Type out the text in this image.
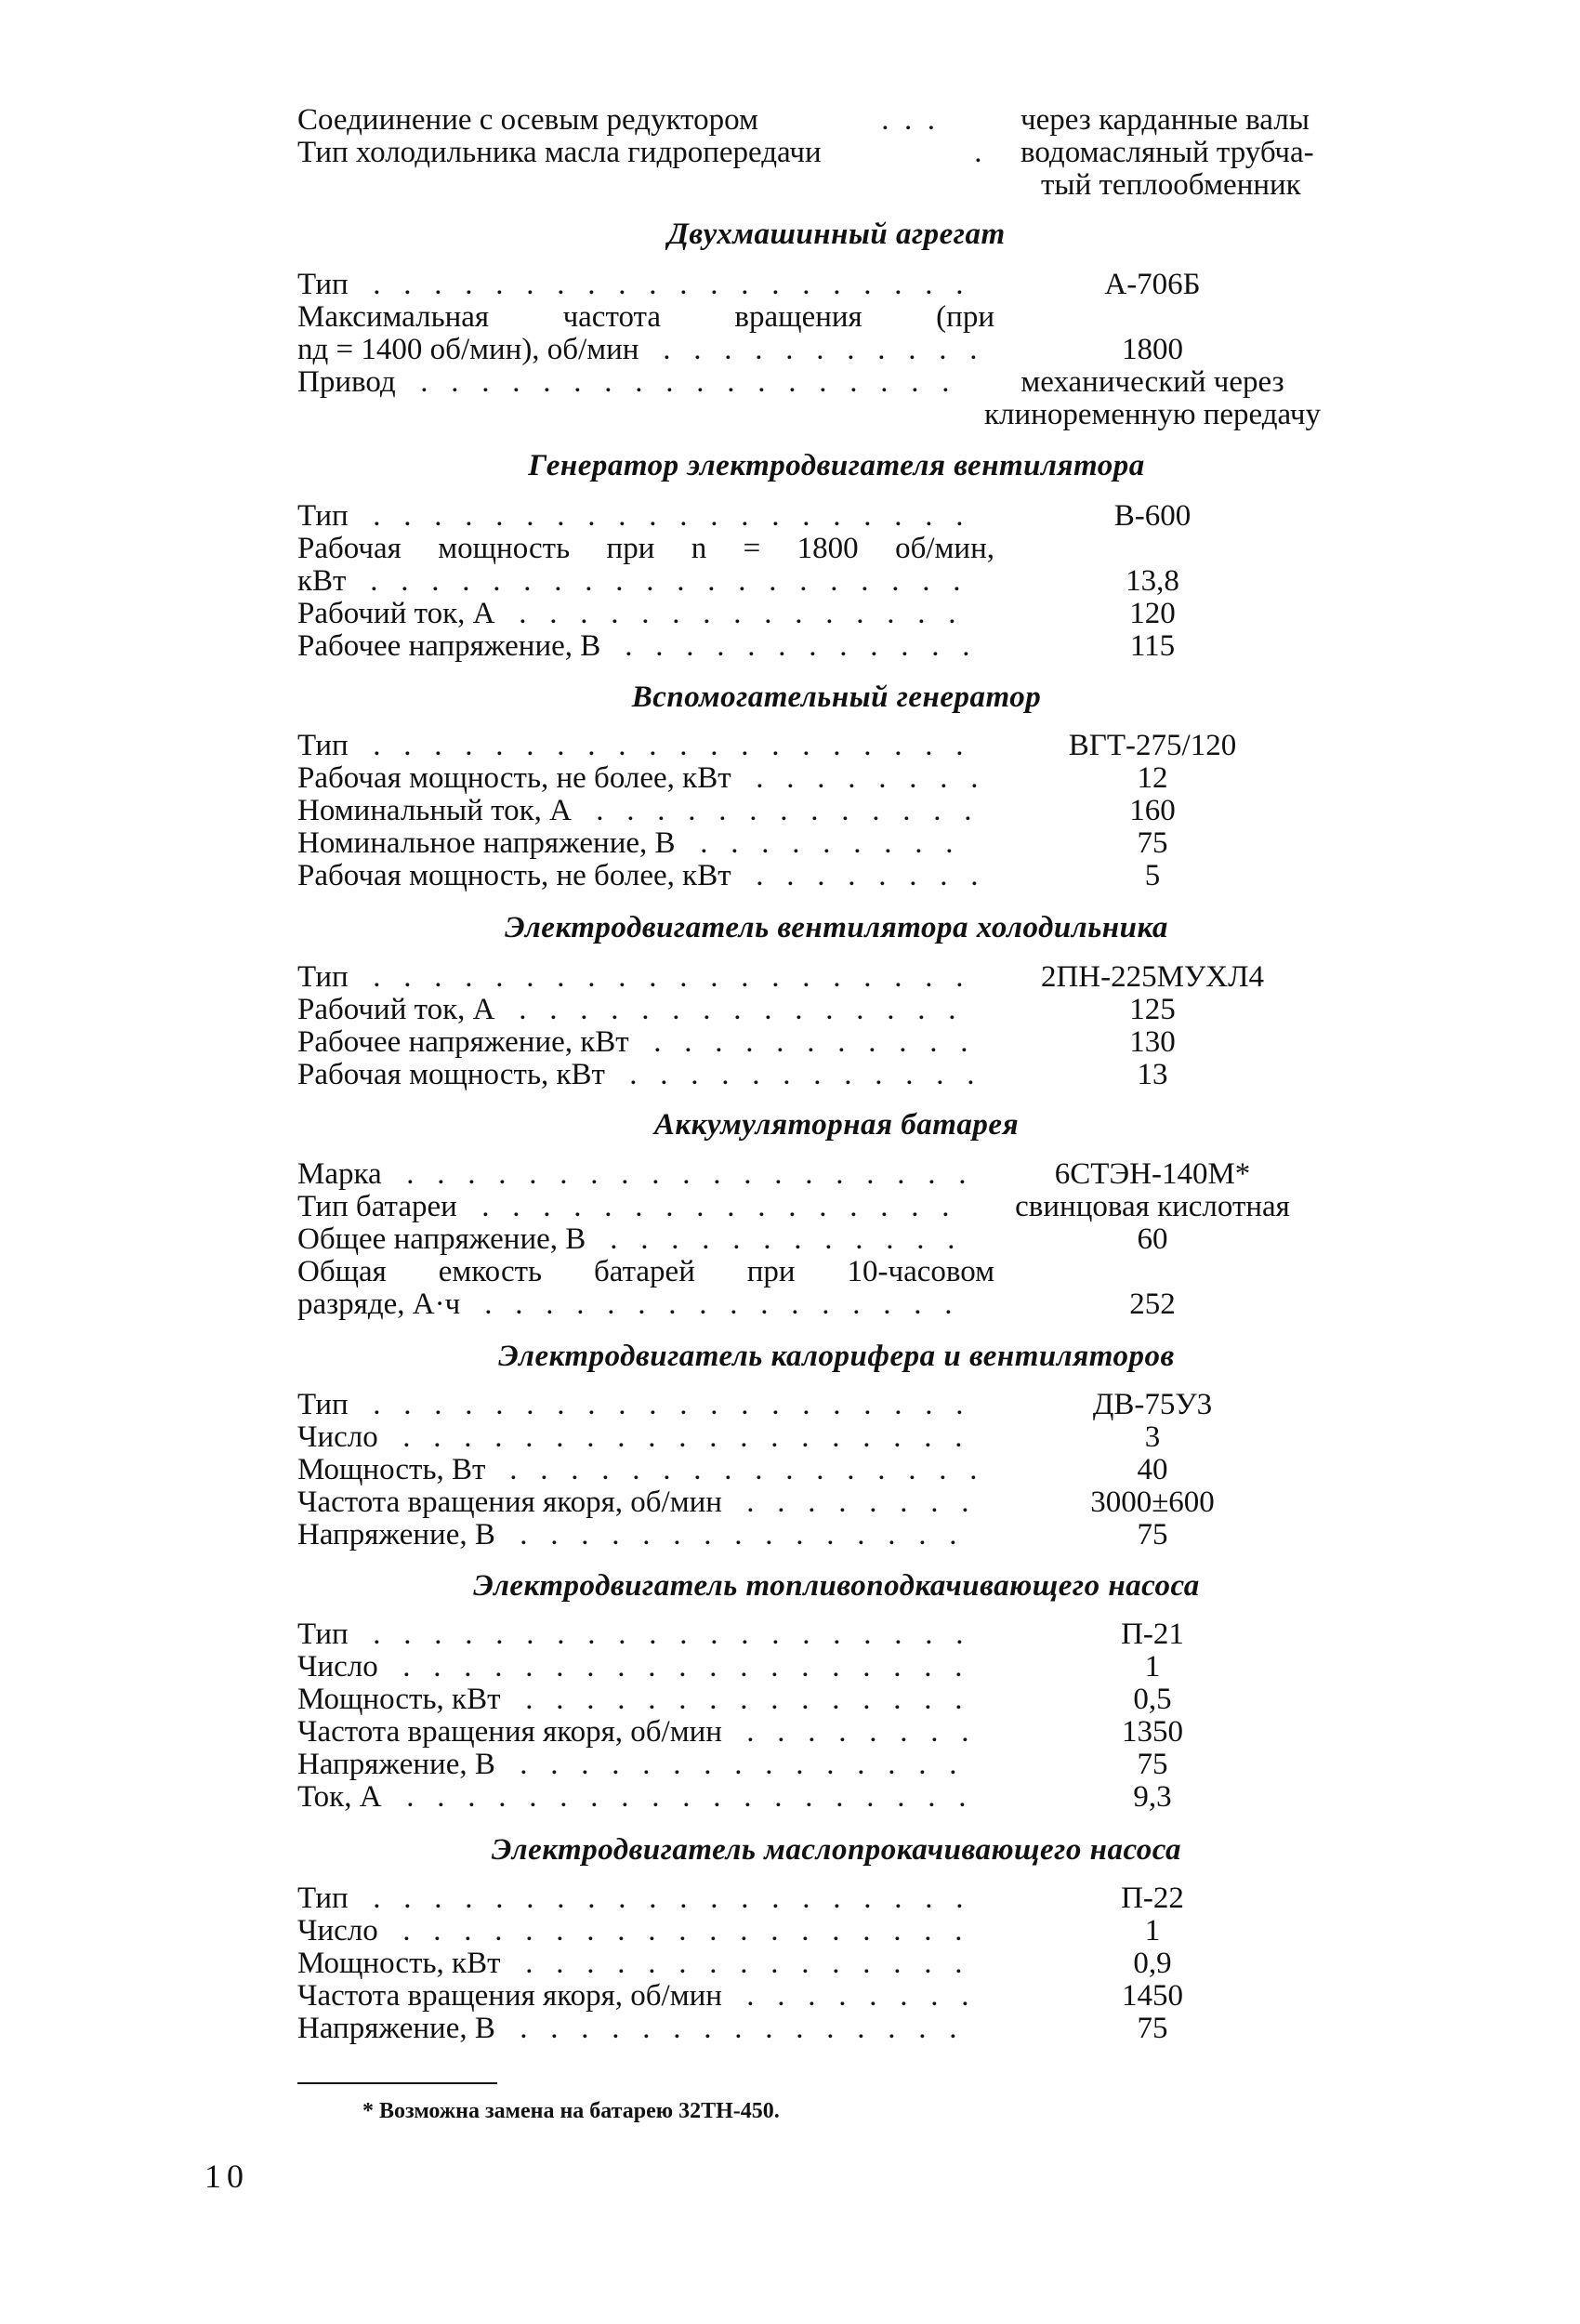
Соедиинение с осевым редуктором	.  .  .	через карданные валы
Тип холодильника масла гидропередачи	. водомасляный трубча-
тый теплообменник
Двухмашинный агрегат
Генератор электродвигателя вентилятора
Вспомогательный генератор
Электродвигатель вентилятора холодильника
Аккумуляторная батарея
Электродвигатель калорифера и вентиляторов
Электродвигатель топливоподкачивающего насоса
Электродвигатель маслопрокачивающего насоса
Тип .   .   .   .   .   .   .   .   .   .   .   .   .   .   .   .   .   .   .   .	А-706Б
Максимальная частота вращения (при
nд = 1400 об/мин), об/мин .   .   .   .   .   .   .   .   .   .   .	1800
Привод .   .   .   .   .   .   .   .   .   .   .   .   .   .   .   .   .   .	механический через
клиноременную передачу
Тип .   .   .   .   .   .   .   .   .   .   .   .   .   .   .   .   .   .   .   .	В-600
Рабочая мощность при n = 1800 об/мин,
кВт .   .   .   .   .   .   .   .   .   .   .   .   .   .   .   .   .   .   .   .	13,8
Рабочий ток, А .   .   .   .   .   .   .   .   .   .   .   .   .   .   .	120
Рабочее напряжение, В .   .   .   .   .   .   .   .   .   .   .   .	115
Тип .   .   .   .   .   .   .   .   .   .   .   .   .   .   .   .   .   .   .   .	ВГТ-275/120
Рабочая мощность, не более, кВт .   .   .   .   .   .   .   .	12
Номинальный ток, А .   .   .   .   .   .   .   .   .   .   .   .   .	160
Номинальное напряжение, В .   .   .   .   .   .   .   .   .	75
Рабочая мощность, не более, кВт .   .   .   .   .   .   .   .	5
Тип .   .   .   .   .   .   .   .   .   .   .   .   .   .   .   .   .   .   .   .	2ПН-225МУХЛ4
Рабочий ток, А .   .   .   .   .   .   .   .   .   .   .   .   .   .   .	125
Рабочее напряжение, кВт .   .   .   .   .   .   .   .   .   .   .	130
Рабочая мощность, кВт .   .   .   .   .   .   .   .   .   .   .   .	13
Марка .   .   .   .   .   .   .   .   .   .   .   .   .   .   .   .   .   .   .	6СТЭН-140М*
Тип батареи .   .   .   .   .   .   .   .   .   .   .   .   .   .   .   .	свинцовая кислотная
Общее напряжение, В .   .   .   .   .   .   .   .   .   .   .   .	60
Общая емкость батарей при 10-часовом
разряде, А·ч .   .   .   .   .   .   .   .   .   .   .   .   .   .   .   .	252
Тип .   .   .   .   .   .   .   .   .   .   .   .   .   .   .   .   .   .   .   .	ДВ-75У3
Число .   .   .   .   .   .   .   .   .   .   .   .   .   .   .   .   .   .   .	3
Мощность, Вт .   .   .   .   .   .   .   .   .   .   .   .   .   .   .   .	40
Частота вращения якоря, об/мин .   .   .   .   .   .   .   .	3000±600
Напряжение, В .   .   .   .   .   .   .   .   .   .   .   .   .   .   .	75
Тип .   .   .   .   .   .   .   .   .   .   .   .   .   .   .   .   .   .   .   .	П-21
Число .   .   .   .   .   .   .   .   .   .   .   .   .   .   .   .   .   .   .	1
Мощность, кВт .   .   .   .   .   .   .   .   .   .   .   .   .   .   .	0,5
Частота вращения якоря, об/мин .   .   .   .   .   .   .   .	1350
Напряжение, В .   .   .   .   .   .   .   .   .   .   .   .   .   .   .	75
Ток, А .   .   .   .   .   .   .   .   .   .   .   .   .   .   .   .   .   .   .	9,3
Тип .   .   .   .   .   .   .   .   .   .   .   .   .   .   .   .   .   .   .   .	П-22
Число .   .   .   .   .   .   .   .   .   .   .   .   .   .   .   .   .   .   .	1
Мощность, кВт .   .   .   .   .   .   .   .   .   .   .   .   .   .   .	0,9
Частота вращения якоря, об/мин .   .   .   .   .   .   .   .	1450
Напряжение, В .   .   .   .   .   .   .   .   .   .   .   .   .   .   .	75
* Возможна замена на батарею 32ТН-450.
10
